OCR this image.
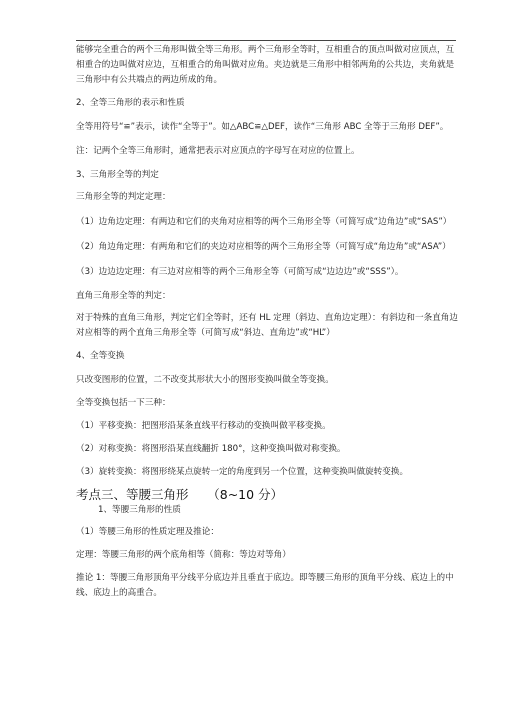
能够完全重合的两个三角形叫做全等三角形。两个三角形全等时，互相重合的顶点叫做对应顶点，互相重合的边叫做对应边，互相重合的角叫做对应角。夹边就是三角形中相邻两角的公共边，夹角就是三角形中有公共端点的两边所成的角。

2、全等三角形的表示和性质

全等用符号“≌”表示，读作“全等于”。如△ABC≌△DEF，读作“三角形 ABC 全等于三角形 DEF”。

注：记两个全等三角形时，通常把表示对应顶点的字母写在对应的位置上。

3、三角形全等的判定

三角形全等的判定定理：

（1）边角边定理：有两边和它们的夹角对应相等的两个三角形全等（可简写成“边角边”或“SAS”）

（2）角边角定理：有两角和它们的夹边对应相等的两个三角形全等（可简写成“角边角”或“ASA”）

（3）边边边定理：有三边对应相等的两个三角形全等（可简写成“边边边”或“SSS”）。

直角三角形全等的判定：

对于特殊的直角三角形，判定它们全等时，还有 HL 定理（斜边、直角边定理）：有斜边和一条直角边对应相等的两个直角三角形全等（可简写成“斜边、直角边”或“HL”）

4、全等变换

只改变图形的位置，二不改变其形状大小的图形变换叫做全等变换。

全等变换包括一下三种：

（1）平移变换：把图形沿某条直线平行移动的变换叫做平移变换。

（2）对称变换：将图形沿某直线翻折 180°，这种变换叫做对称变换。

（3）旋转变换：将图形绕某点旋转一定的角度到另一个位置，这种变换叫做旋转变换。

考点三、等腰三角形　　（8~10 分）

1、等腰三角形的性质

（1）等腰三角形的性质定理及推论：

定理：等腰三角形的两个底角相等（简称：等边对等角）

推论 1：等腰三角形顶角平分线平分底边并且垂直于底边。即等腰三角形的顶角平分线、底边上的中线、底边上的高重合。
